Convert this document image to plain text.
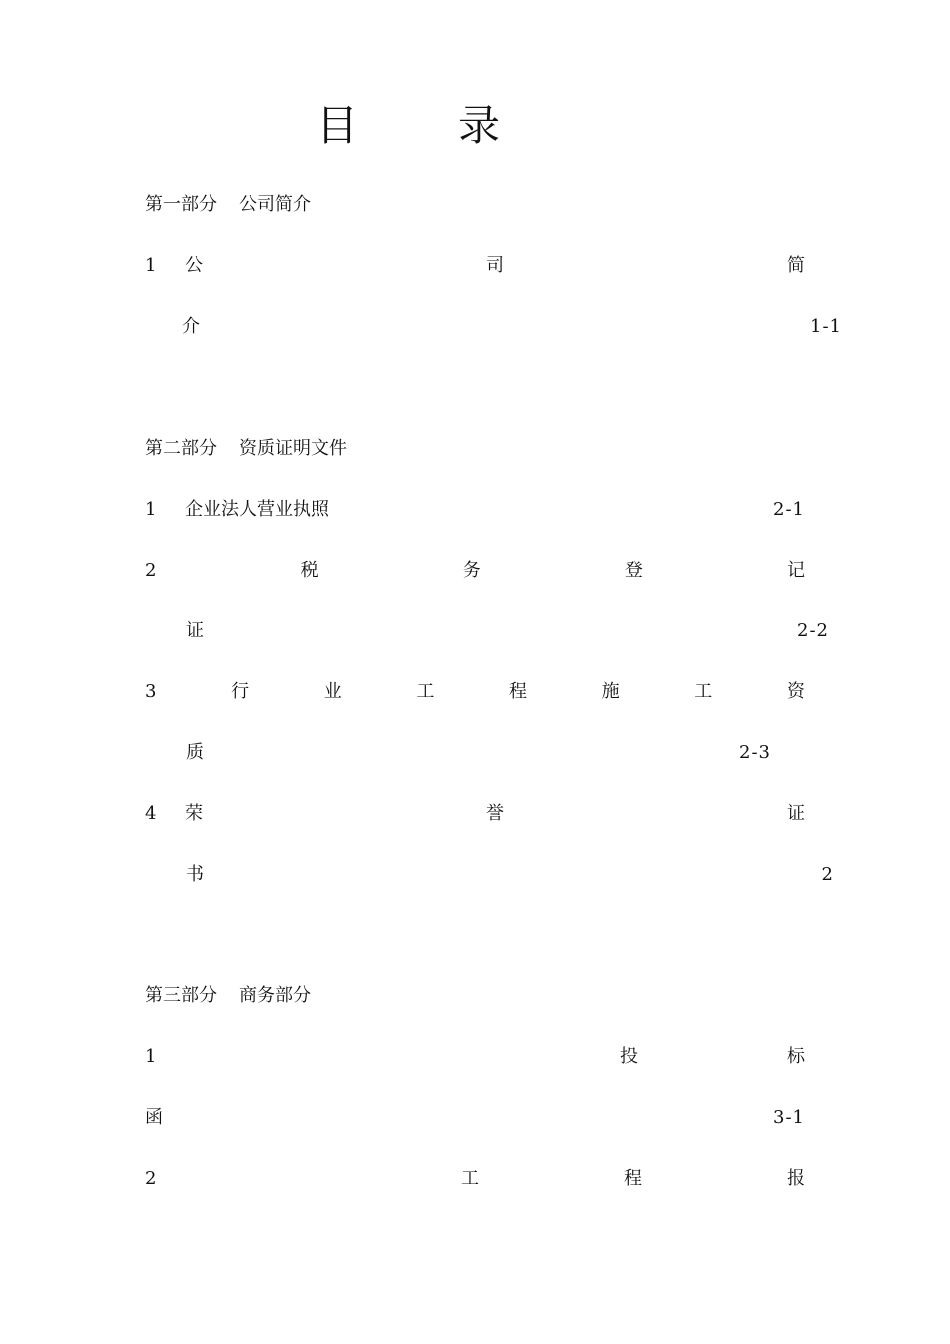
目 录
第一部分 公司简介
1	公	司	简
介	1-1
第二部分 资质证明文件
1	企业法人营业执照	2-1
2	税	务	登	记
证	2-2
3	行	业	工	程	施	工	资
质	2-3
4	荣	誉	证
书	2
第三部分 商务部分
1	投	标
函	3-1
2	工	程	报
